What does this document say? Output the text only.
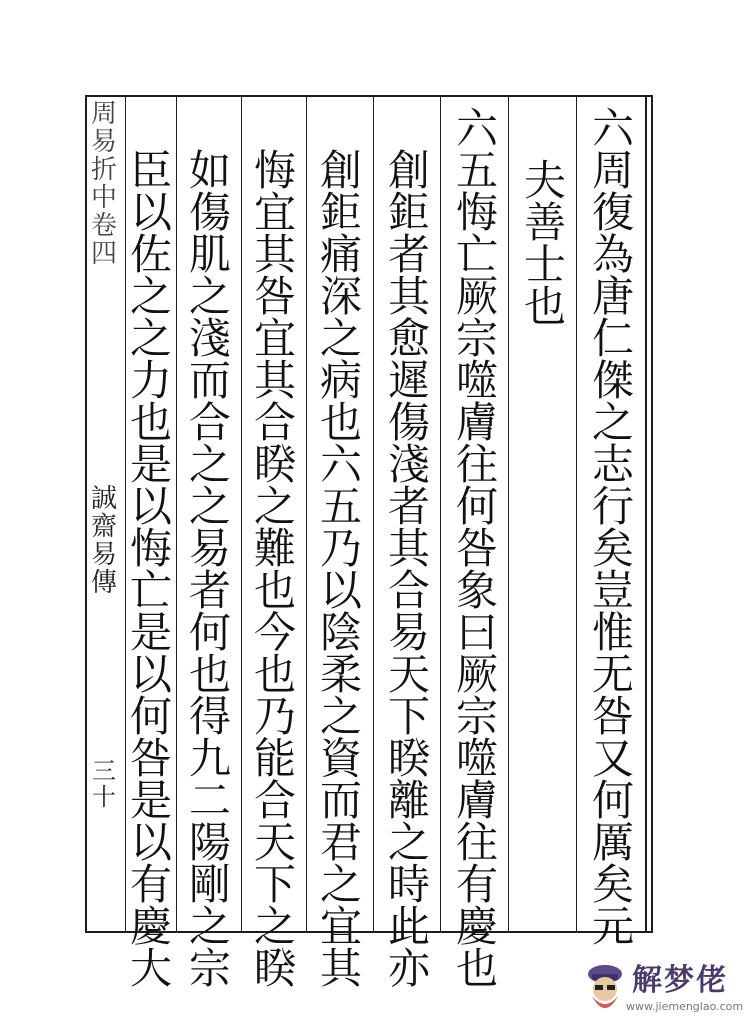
周易折中卷四
誠齋易傳
三十
六周復為唐仁傑之志行矣豈惟无咎又何厲矣元
夫善士也
六五悔亡厥宗噬膚往何咎象曰厥宗噬膚往有慶也
創鉅者其愈遲傷淺者其合易天下睽離之時此亦
創鉅痛深之病也六五乃以陰柔之資而君之宜其
悔宜其咎宜其合睽之難也今也乃能合天下之睽
如傷肌之淺而合之之易者何也得九二陽剛之宗
臣以佐之之力也是以悔亡是以何咎是以有慶大	解梦佬
www.jiemenglao.com
